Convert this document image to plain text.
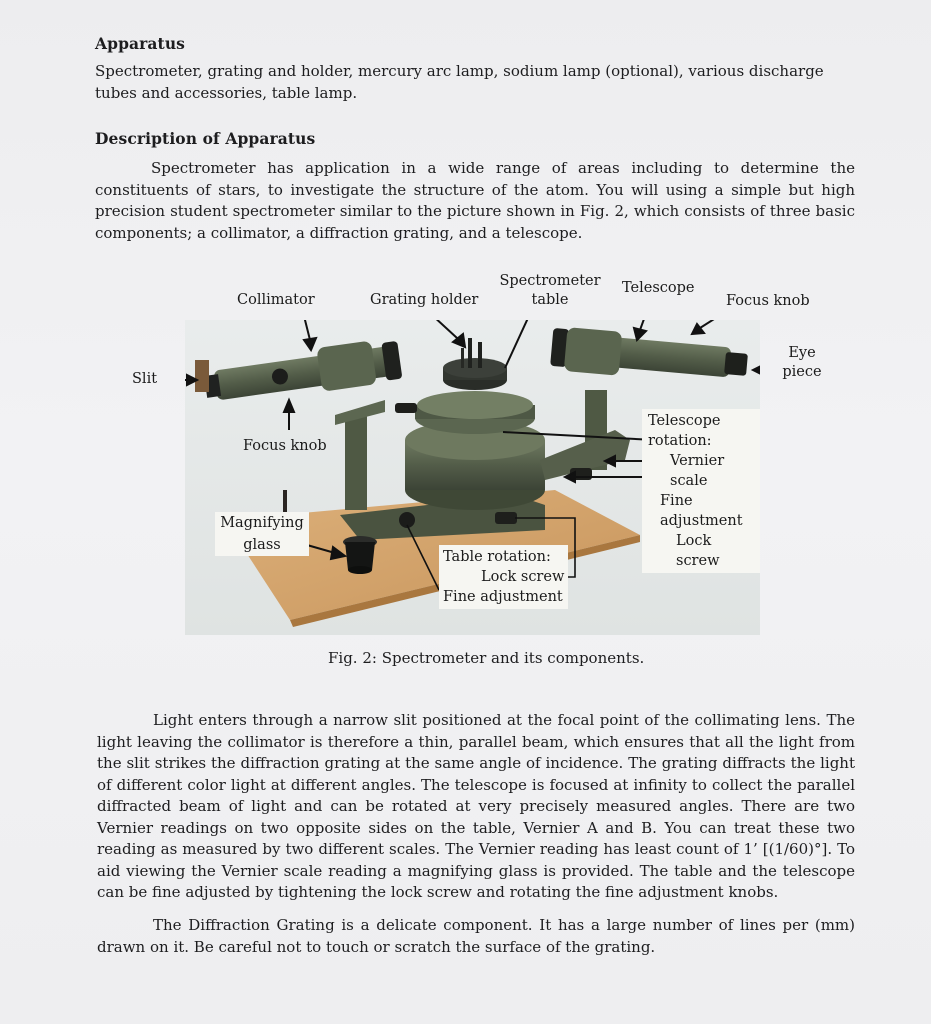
Apparatus

Spectrometer, grating and holder, mercury arc lamp, sodium lamp (optional), various discharge tubes and accessories, table lamp.

Description of Apparatus

Spectrometer has application in a wide range of areas including to determine the constituents of stars, to investigate the structure of the atom. You will using a simple but high precision student spectrometer similar to the picture shown in Fig. 2, which consists of three basic components; a collimator, a diffraction grating, and a telescope.

Collimator	Grating holder
Spectrometer
table
Telescope
Focus knob
Slit
Eye
piece
Focus knob
Telescope rotation:
Vernier scale
Fine adjustment
Lock screw
Magnifying
glass
Table rotation:
Lock screw
Fine adjustment
Fig. 2: Spectrometer and its components.

Light enters through a narrow slit positioned at the focal point of the collimating lens. The light leaving the collimator is therefore a thin, parallel beam, which ensures that all the light from the slit strikes the diffraction grating at the same angle of incidence. The grating diffracts the light of different color light at different angles. The telescope is focused at infinity to collect the parallel diffracted beam of light and can be rotated at very precisely measured angles. There are two Vernier readings on two opposite sides on the table, Vernier A and B. You can treat these two reading as measured by two different scales. The Vernier reading has least count of 1’ [(1/60)°]. To aid viewing the Vernier scale reading a magnifying glass is provided. The table and the telescope can be fine adjusted by tightening the lock screw and rotating the fine adjustment knobs.

The Diffraction Grating is a delicate component. It has a large number of lines per (mm) drawn on it. Be careful not to touch or scratch the surface of the grating.
